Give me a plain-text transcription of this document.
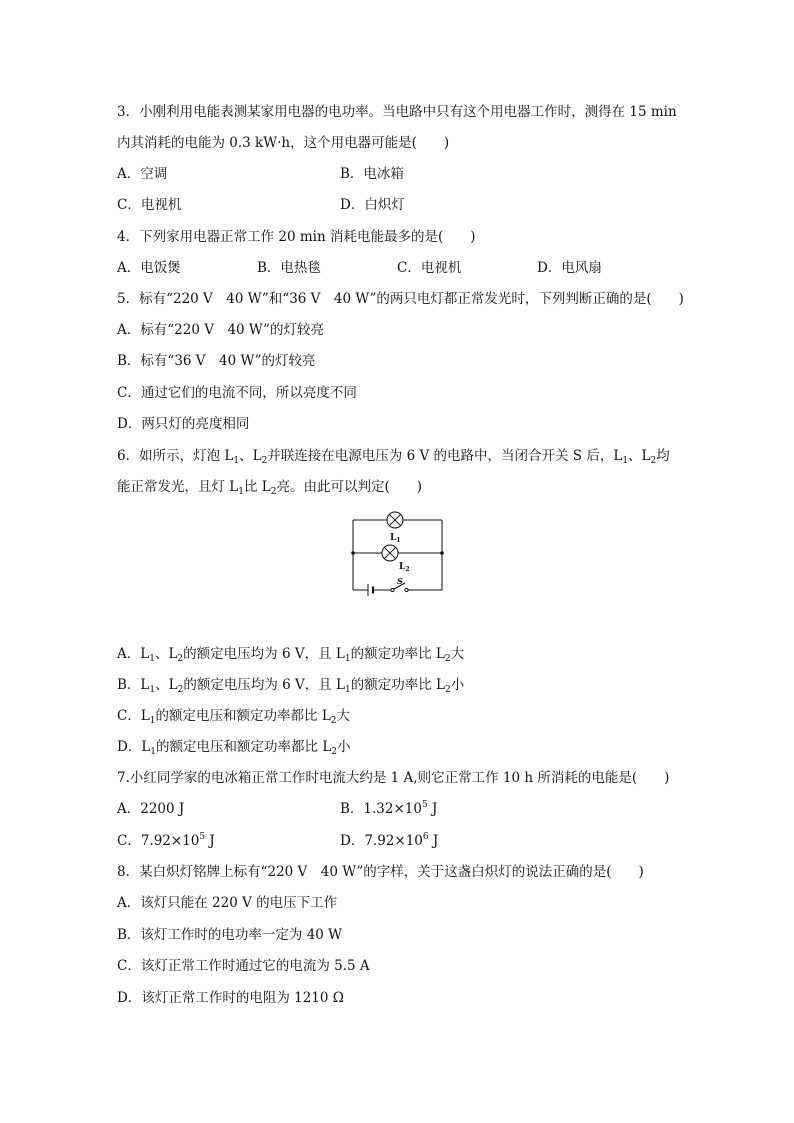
3．小刚利用电能表测某家用电器的电功率。当电路中只有这个用电器工作时，测得在 15 min
内其消耗的电能为 0.3 kW·h，这个用电器可能是(　　)
A．空调	B．电冰箱
C．电视机	D．白炽灯
4．下列家用电器正常工作 20 min 消耗电能最多的是(　　)
A．电饭煲	B．电热毯	C．电视机	D．电风扇
5．标有“220 V　40 W”和“36 V　40 W”的两只电灯都正常发光时，下列判断正确的是(　　)
A．标有“220 V　40 W”的灯较亮
B．标有“36 V　40 W”的灯较亮
C．通过它们的电流不同，所以亮度不同
D．两只灯的亮度相同
6．如所示，灯泡 $L_1$、$L_2$并联连接在电源电压为 6 V 的电路中，当闭合开关 S 后，$L_1$、$L_2$均
能正常发光，且灯 $L_1$比 $L_2$亮。由此可以判定(　　)
$L_1$
$L_2$
S
A．$L_1$、$L_2$的额定电压均为 6 V，且 $L_1$的额定功率比 $L_2$大
B．$L_1$、$L_2$的额定电压均为 6 V，且 $L_1$的额定功率比 $L_2$小
C．$L_1$的额定电压和额定功率都比 $L_2$大
D．$L_1$的额定电压和额定功率都比 $L_2$小
7.小红同学家的电冰箱正常工作时电流大约是 1 A,则它正常工作 10 h 所消耗的电能是(　　)
A．2200 J	B．$1.32\times 10^5$ J
C．$7.92\times 10^5$ J	D．$7.92\times 10^6$ J
8．某白炽灯铭牌上标有“220 V　40 W”的字样，关于这盏白炽灯的说法正确的是(　　)
A．该灯只能在 220 V 的电压下工作
B．该灯工作时的电功率一定为 40 W
C．该灯正常工作时通过它的电流为 5.5 A
D．该灯正常工作时的电阻为 1210 Ω
